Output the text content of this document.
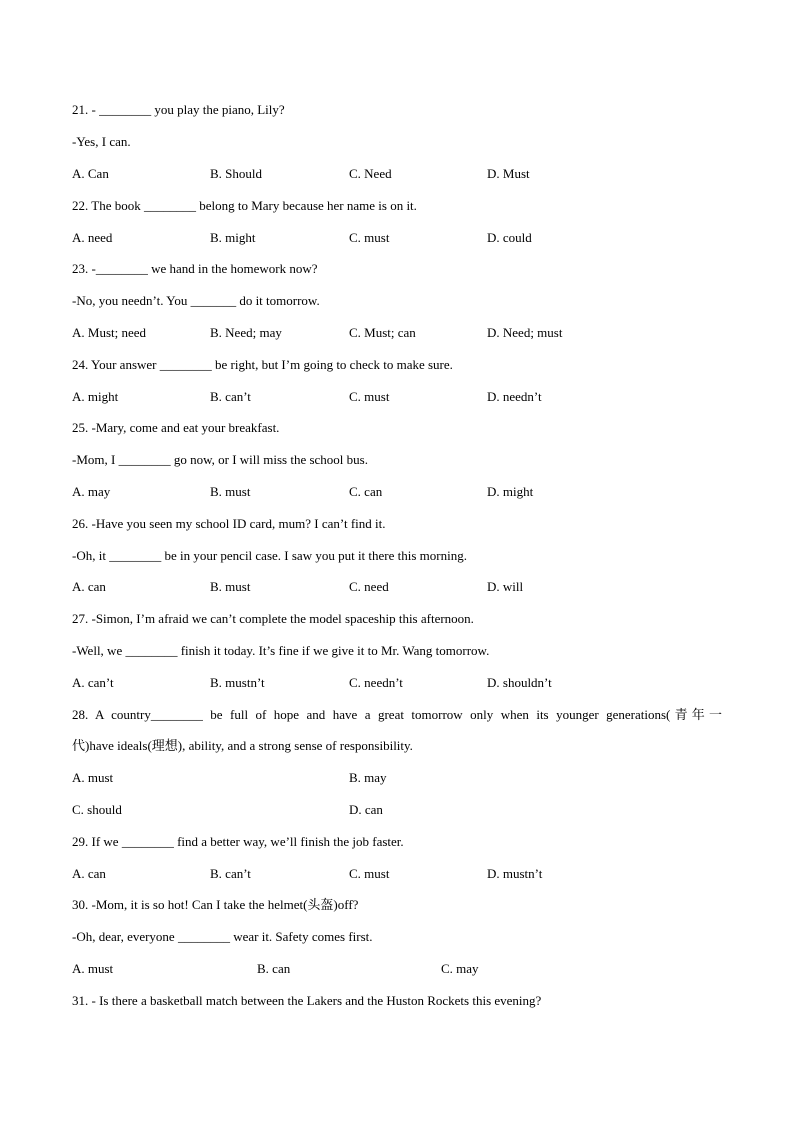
21. - ________ you play the piano, Lily?
-Yes, I can.
A. Can	B. Should	C. Need	D. Must
22. The book ________ belong to Mary because her name is on it.
A. need	B. might	C. must	D. could
23. -________ we hand in the homework now?
-No, you needn’t. You _______ do it tomorrow.
A. Must; need	B. Need; may	C. Must; can	D. Need; must
24. Your answer ________ be right, but I’m going to check to make sure.
A. might	B. can’t	C. must	D. needn’t
25. -Mary, come and eat your breakfast.
-Mom, I ________ go now, or I will miss the school bus.
A. may	B. must	C. can	D. might
26. -Have you seen my school ID card, mum? I can’t find it.
-Oh, it ________ be in your pencil case. I saw you put it there this morning.
A. can	B. must	C. need	D. will
27. -Simon, I’m afraid we can’t complete the model spaceship this afternoon.
-Well, we ________ finish it today. It’s fine if we give it to Mr. Wang tomorrow.
A. can’t	B. mustn’t	C. needn’t	D. shouldn’t
28. A country________ be full of hope and have a great tomorrow only when its younger generations(青年一
代)have ideals(理想), ability, and a strong sense of responsibility.
A. must	B. may
C. should	D. can
29. If we ________ find a better way, we’ll finish the job faster.
A. can	B. can’t	C. must	D. mustn’t
30. -Mom, it is so hot! Can I take the helmet(头盔)off?
-Oh, dear, everyone ________ wear it. Safety comes first.
A. must	B. can	C. may
31. - Is there a basketball match between the Lakers and the Huston Rockets this evening?
